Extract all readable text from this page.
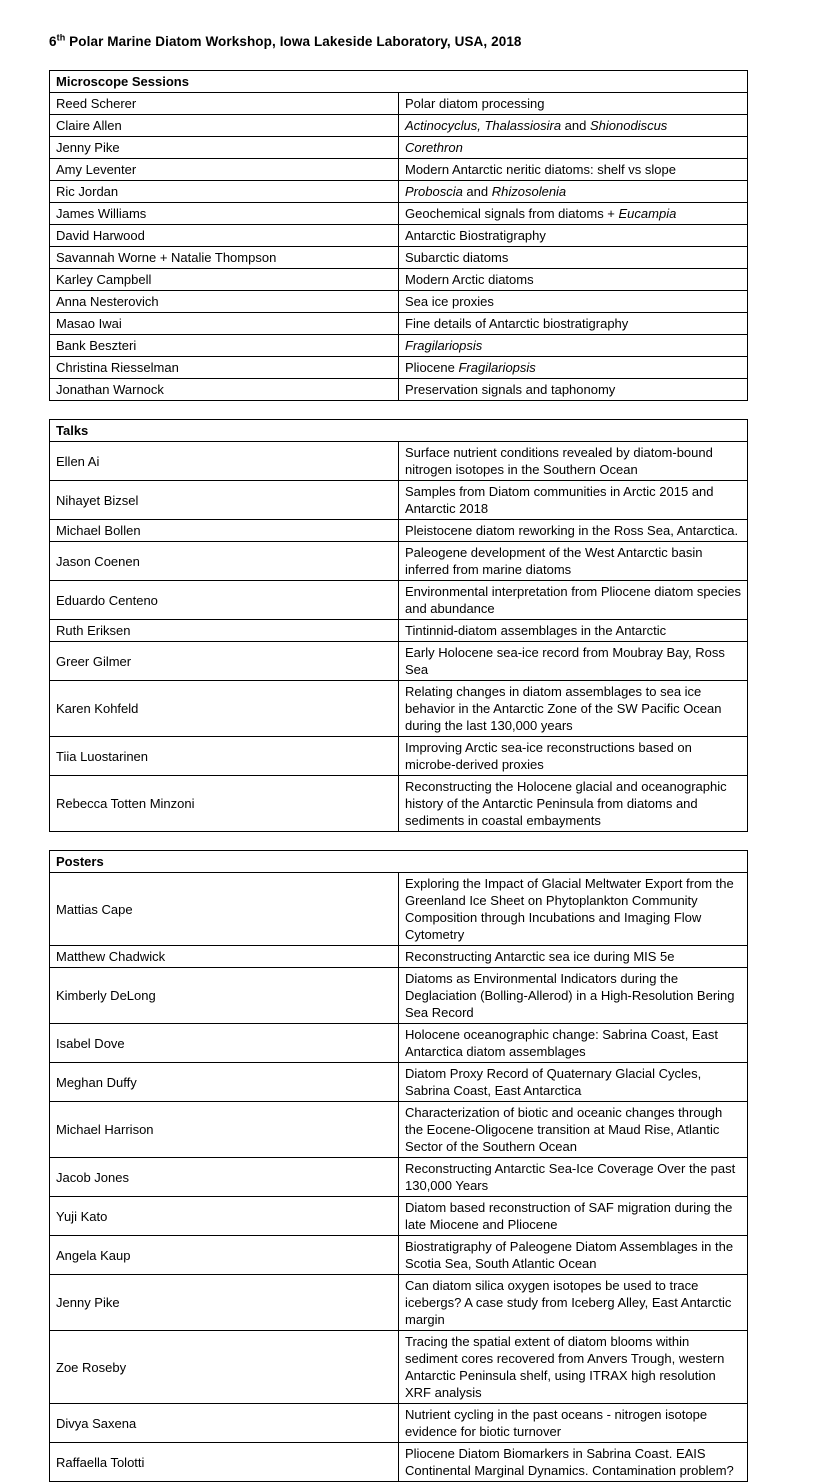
6th Polar Marine Diatom Workshop, Iowa Lakeside Laboratory, USA, 2018
Microscope Sessions	
Reed Scherer	Polar diatom processing
Claire Allen	Actinocyclus, Thalassiosira and Shionodiscus
Jenny Pike	Corethron
Amy Leventer	Modern Antarctic neritic diatoms: shelf vs slope
Ric Jordan	Proboscia and Rhizosolenia
James Williams	Geochemical signals from diatoms + Eucampia
David Harwood	Antarctic Biostratigraphy
Savannah Worne + Natalie Thompson	Subarctic diatoms
Karley Campbell	Modern Arctic diatoms
Anna Nesterovich	Sea ice proxies
Masao Iwai	Fine details of Antarctic biostratigraphy
Bank Beszteri	Fragilariopsis
Christina Riesselman	Pliocene Fragilariopsis
Jonathan Warnock	Preservation signals and taphonomy
Talks	
Ellen Ai	Surface nutrient conditions revealed by diatom-bound nitrogen isotopes in the Southern Ocean
Nihayet Bizsel	Samples from Diatom communities in Arctic 2015 and Antarctic 2018
Michael Bollen	Pleistocene diatom reworking in the Ross Sea, Antarctica.
Jason Coenen	Paleogene development of the West Antarctic basin inferred from marine diatoms
Eduardo Centeno	Environmental interpretation from Pliocene diatom species and abundance
Ruth Eriksen	Tintinnid-diatom assemblages in the Antarctic
Greer Gilmer	Early Holocene sea-ice record from Moubray Bay, Ross Sea
Karen Kohfeld	Relating changes in diatom assemblages to sea ice behavior in the Antarctic Zone of the SW Pacific Ocean during the last 130,000 years
Tiia Luostarinen	Improving Arctic sea-ice reconstructions based on microbe-derived proxies
Rebecca Totten Minzoni	Reconstructing the Holocene glacial and oceanographic history of the Antarctic Peninsula from diatoms and sediments in coastal embayments
Posters	
Mattias Cape	Exploring the Impact of Glacial Meltwater Export from the Greenland Ice Sheet on Phytoplankton Community Composition through Incubations and Imaging Flow Cytometry
Matthew Chadwick	Reconstructing Antarctic sea ice during MIS 5e
Kimberly DeLong	Diatoms as Environmental Indicators during the Deglaciation (Bolling-Allerod) in a High-Resolution Bering Sea Record
Isabel Dove	Holocene oceanographic change: Sabrina Coast, East Antarctica diatom assemblages
Meghan Duffy	Diatom Proxy Record of Quaternary Glacial Cycles, Sabrina Coast, East Antarctica
Michael Harrison	Characterization of biotic and oceanic changes through the Eocene-Oligocene transition at Maud Rise, Atlantic Sector of the Southern Ocean
Jacob Jones	Reconstructing Antarctic Sea-Ice Coverage Over the past 130,000 Years
Yuji Kato	Diatom based reconstruction of SAF migration during the late Miocene and Pliocene
Angela Kaup	Biostratigraphy of Paleogene Diatom Assemblages in the Scotia Sea, South Atlantic Ocean
Jenny Pike	Can diatom silica oxygen isotopes be used to trace icebergs? A case study from Iceberg Alley, East Antarctic margin
Zoe Roseby	Tracing the spatial extent of diatom blooms within sediment cores recovered from Anvers Trough, western Antarctic Peninsula shelf, using ITRAX high resolution XRF analysis
Divya Saxena	Nutrient cycling in the past oceans - nitrogen isotope evidence for biotic turnover
Raffaella Tolotti	Pliocene Diatom Biomarkers in Sabrina Coast. EAIS Continental Marginal Dynamics. Contamination problem?
